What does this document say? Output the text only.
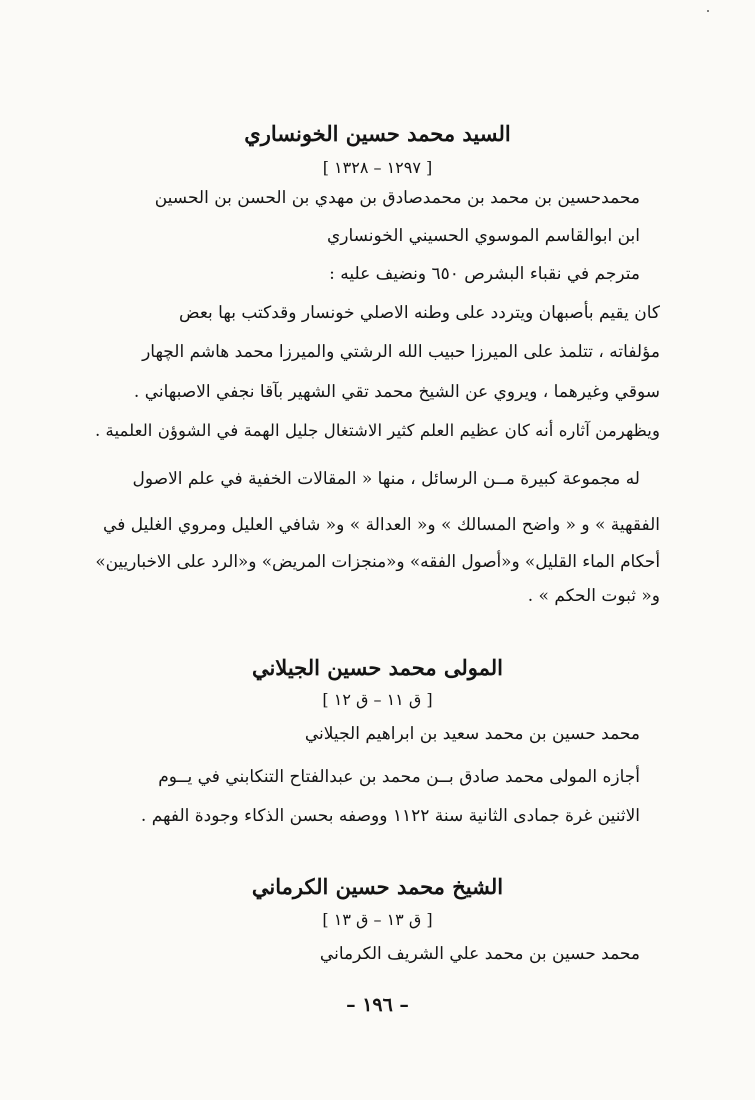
السيد محمد حسين الخونساري
[ ١٢٩٧ – ١٣٢٨ ]
محمدحسين بن محمد بن محمدصادق بن مهدي بن الحسن بن الحسين
ابن ابوالقاسم الموسوي الحسيني الخونساري
مترجم في نقباء البشرص ٦٥٠ ونضيف عليه :
كان يقيم بأصبهان ويتردد على وطنه الاصلي خونسار وقدكتب بها بعض
مؤلفاته ، تتلمذ على الميرزا حبيب الله الرشتي والميرزا محمد هاشم الچهار
سوقي وغيرهما ، ويروي عن الشيخ محمد تقي الشهير بآقا نجفي الاصبهاني .
ويظهرمن آثاره أنه كان عظيم العلم كثير الاشتغال جليل الهمة في الشوؤن العلمية .
له مجموعة كبيرة مــن الرسائل ، منها « المقالات الخفية في علم الاصول
الفقهية » و « واضح المسالك » و« العدالة » و« شافي العليل ومروي الغليل في
أحكام الماء القليل» و«أصول الفقه» و«منجزات المريض» و«الرد على الاخباريين»
و« ثبوت الحكم » .
المولى محمد حسين الجيلاني
[ ق ١١ – ق ١٢ ]
محمد حسين بن محمد سعيد بن ابراهيم الجيلاني
أجازه المولى محمد صادق بــن محمد بن عبدالفتاح التنكابني في يــوم
الاثنين غرة جمادى الثانية سنة ١١٢٢ ووصفه بحسن الذكاء وجودة الفهم .
الشيخ محمد حسين الكرماني
[ ق ١٣ – ق ١٣ ]
محمد حسين بن محمد علي الشريف الكرماني
– ١٩٦ –
